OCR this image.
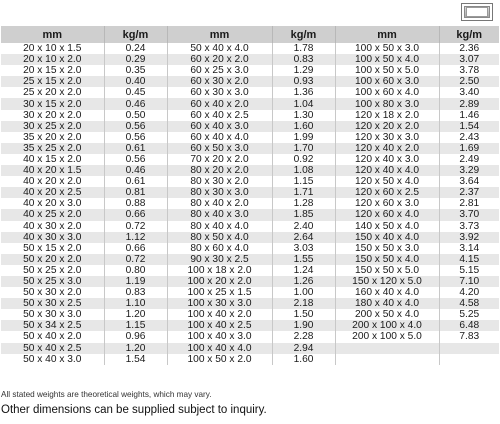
mm	kg/m	mm	kg/m	mm	kg/m
20 x 10 x 1.5	0.24	50 x 40 x 4.0	1.78	100 x 50 x 3.0	2.36
20 x 10 x 2.0	0.29	60 x 20 x 2.0	0.83	100 x 50 x 4.0	3.07
20 x 15 x 2.0	0.35	60 x 25 x 3.0	1.29	100 x 50 x 5.0	3.78
25 x 15 x 2.0	0.40	60 x 30 x 2.0	0.93	100 x 60 x 3.0	2.50
25 x 20 x 2.0	0.45	60 x 30 x 3.0	1.36	100 x 60 x 4.0	3.40
30 x 15 x 2.0	0.46	60 x 40 x 2.0	1.04	100 x 80 x 3.0	2.89
30 x 20 x 2.0	0.50	60 x 40 x 2.5	1.30	120 x 18 x 2.0	1.46
30 x 25 x 2.0	0.56	60 x 40 x 3.0	1.60	120 x 20 x 2.0	1.54
35 x 20 x 2.0	0.56	60 x 40 x 4.0	1.99	120 x 30 x 3.0	2.43
35 x 25 x 2.0	0.61	60 x 50 x 3.0	1.70	120 x 40 x 2.0	1.69
40 x 15 x 2.0	0.56	70 x 20 x 2.0	0.92	120 x 40 x 3.0	2.49
40 x 20 x 1.5	0.46	80 x 20 x 2.0	1.08	120 x 40 x 4.0	3.29
40 x 20 x 2.0	0.61	80 x 30 x 2.0	1.15	120 x 50 x 4.0	3.64
40 x 20 x 2.5	0.81	80 x 30 x 3.0	1.71	120 x 60 x 2.5	2.37
40 x 20 x 3.0	0.88	80 x 40 x 2.0	1.28	120 x 60 x 3.0	2.81
40 x 25 x 2.0	0.66	80 x 40 x 3.0	1.85	120 x 60 x 4.0	3.70
40 x 30 x 2.0	0.72	80 x 40 x 4.0	2.40	140 x 50 x 4.0	3.73
40 x 30 x 3.0	1.12	80 x 50 x 4.0	2.64	150 x 40 x 4.0	3.92
50 x 15 x 2.0	0.66	80 x 60 x 4.0	3.03	150 x 50 x 3.0	3.14
50 x 20 x 2.0	0.72	90 x 30 x 2.5	1.55	150 x 50 x 4.0	4.15
50 x 25 x 2.0	0.80	100 x 18 x 2.0	1.24	150 x 50 x 5.0	5.15
50 x 25 x 3.0	1.19	100 x 20 x 2.0	1.26	150 x 120 x 5.0	7.10
50 x 30 x 2.0	0.83	100 x 25 x 1.5	1.00	160 x 40 x 4.0	4.20
50 x 30 x 2.5	1.10	100 x 30 x 3.0	2.18	180 x 40 x 4.0	4.58
50 x 30 x 3.0	1.20	100 x 40 x 2.0	1.50	200 x 50 x 4.0	5.25
50 x 34 x 2.5	1.15	100 x 40 x 2.5	1.90	200 x 100 x 4.0	6.48
50 x 40 x 2.0	0.96	100 x 40 x 3.0	2.28	200 x 100 x 5.0	7.83
50 x 40 x 2.5	1.20	100 x 40 x 4.0	2.94		
50 x 40 x 3.0	1.54	100 x 50 x 2.0	1.60		
All stated weights are theoretical weights, which may vary.
Other dimensions can be supplied subject to inquiry.
